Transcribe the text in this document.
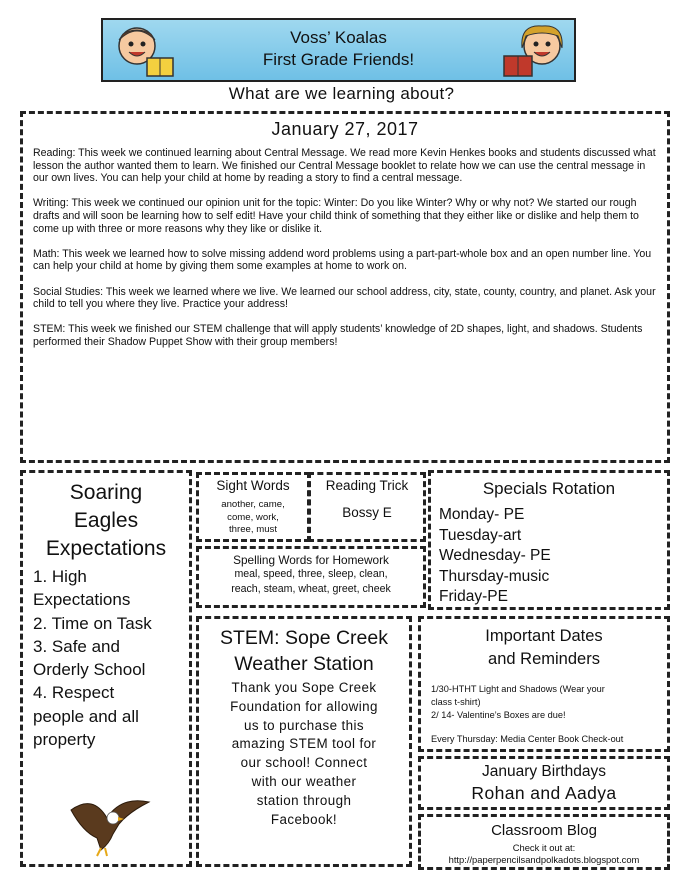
Voss’ Koalas
First Grade Friends!
What are we learning about?
January 27, 2017

Reading: This week we continued learning about Central Message. We read more Kevin Henkes books and students discussed what lesson the author wanted them to learn. We finished our Central Message booklet to relate how we can use the central message in our own lives. You can help your child at home by reading a story to find a central message.

Writing: This week we continued our opinion unit for the topic: Winter: Do you like Winter? Why or why not? We started our rough drafts and will soon be learning how to self edit! Have your child think of something that they either like or dislike and help them to come up with three or more reasons why they like or dislike it.

Math: This week we learned how to solve missing addend word problems using a part-part-whole box and an open number line. You can help your child at home by giving them some examples at home to work on.

Social Studies: This week we learned where we live. We learned our school address, city, state, county, country, and planet. Ask your child to tell you where they live. Practice your address!

STEM: This week we finished our STEM challenge that will apply students’ knowledge of 2D shapes, light, and shadows. Students performed their Shadow Puppet Show with their group members!

Soaring
Eagles
Expectations
1. High
Expectations
2. Time on Task
3. Safe and
Orderly School
4. Respect
people and all
property
Sight Words
another, came,
come, work,
three, must
Reading Trick
Bossy E
Spelling Words for Homework
meal, speed, three, sleep, clean,
reach, steam, wheat, greet, cheek
Specials Rotation
Monday- PE
Tuesday-art
Wednesday- PE
Thursday-music
Friday-PE
STEM: Sope Creek
Weather Station
Thank you Sope Creek
Foundation for allowing
us to purchase this
amazing STEM tool for
our school! Connect
with our weather
station through
Facebook!
Important Dates
and Reminders
1/30-HTHT Light and Shadows (Wear your
class t-shirt)
2/ 14- Valentine’s Boxes are due!
Every Thursday: Media Center Book Check-out
January Birthdays
Rohan and Aadya
Classroom Blog
Check it out at:
http://paperpencilsandpolkadots.blogspot.com
